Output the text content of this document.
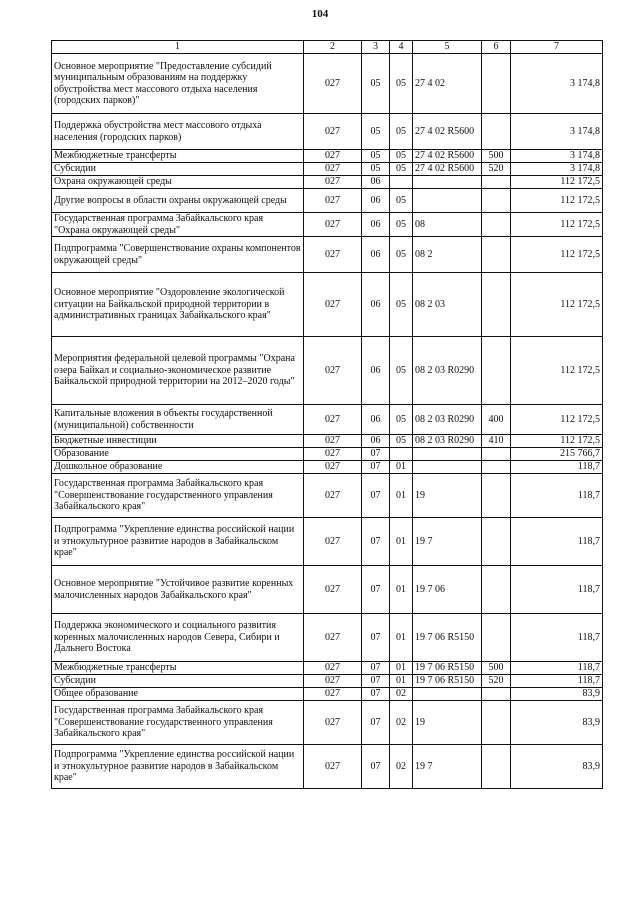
104
1	2	3	4	5	6	7
Основное мероприятие "Предоставление субсидий муниципальным образованиям на поддержку обустройства мест массового отдыха населения (городских парков)"	027	05	05	27 4 02		3 174,8
Поддержка обустройства мест массового отдыха населения (городских парков)	027	05	05	27 4 02 R5600		3 174,8
Межбюджетные трансферты	027	05	05	27 4 02 R5600	500	3 174,8
Субсидии	027	05	05	27 4 02 R5600	520	3 174,8
Охрана окружающей среды	027	06				112 172,5
Другие вопросы в области охраны окружающей среды	027	06	05			112 172,5
Государственная программа Забайкальского края "Охрана окружающей среды"	027	06	05	08		112 172,5
Подпрограмма "Совершенствование охраны компонентов окружающей среды"	027	06	05	08 2		112 172,5
Основное мероприятие "Оздоровление экологической ситуации на Байкальской природной территории в административных границах Забайкальского края"	027	06	05	08 2 03		112 172,5
Мероприятия федеральной целевой программы "Охрана озера Байкал и социально-экономическое развитие Байкальской природной территории на 2012–2020 годы"	027	06	05	08 2 03 R0290		112 172,5
Капитальные вложения в объекты государственной (муниципальной) собственности	027	06	05	08 2 03 R0290	400	112 172,5
Бюджетные инвестиции	027	06	05	08 2 03 R0290	410	112 172,5
Образование	027	07				215 766,7
Дошкольное образование	027	07	01			118,7
Государственная программа Забайкальского края "Совершенствование государственного управления Забайкальского края"	027	07	01	19		118,7
Подпрограмма "Укрепление единства российской нации и этнокультурное развитие народов в Забайкальском крае"	027	07	01	19 7		118,7
Основное мероприятие "Устойчивое развитие коренных малочисленных народов Забайкальского края"	027	07	01	19 7 06		118,7
Поддержка экономического и социального развития коренных малочисленных народов Севера, Сибири и Дальнего Востока	027	07	01	19 7 06 R5150		118,7
Межбюджетные трансферты	027	07	01	19 7 06 R5150	500	118,7
Субсидии	027	07	01	19 7 06 R5150	520	118,7
Общее образование	027	07	02			83,9
Государственная программа Забайкальского края "Совершенствование государственного управления Забайкальского края"	027	07	02	19		83,9
Подпрограмма "Укрепление единства российской нации и этнокультурное развитие народов в Забайкальском крае"	027	07	02	19 7		83,9
